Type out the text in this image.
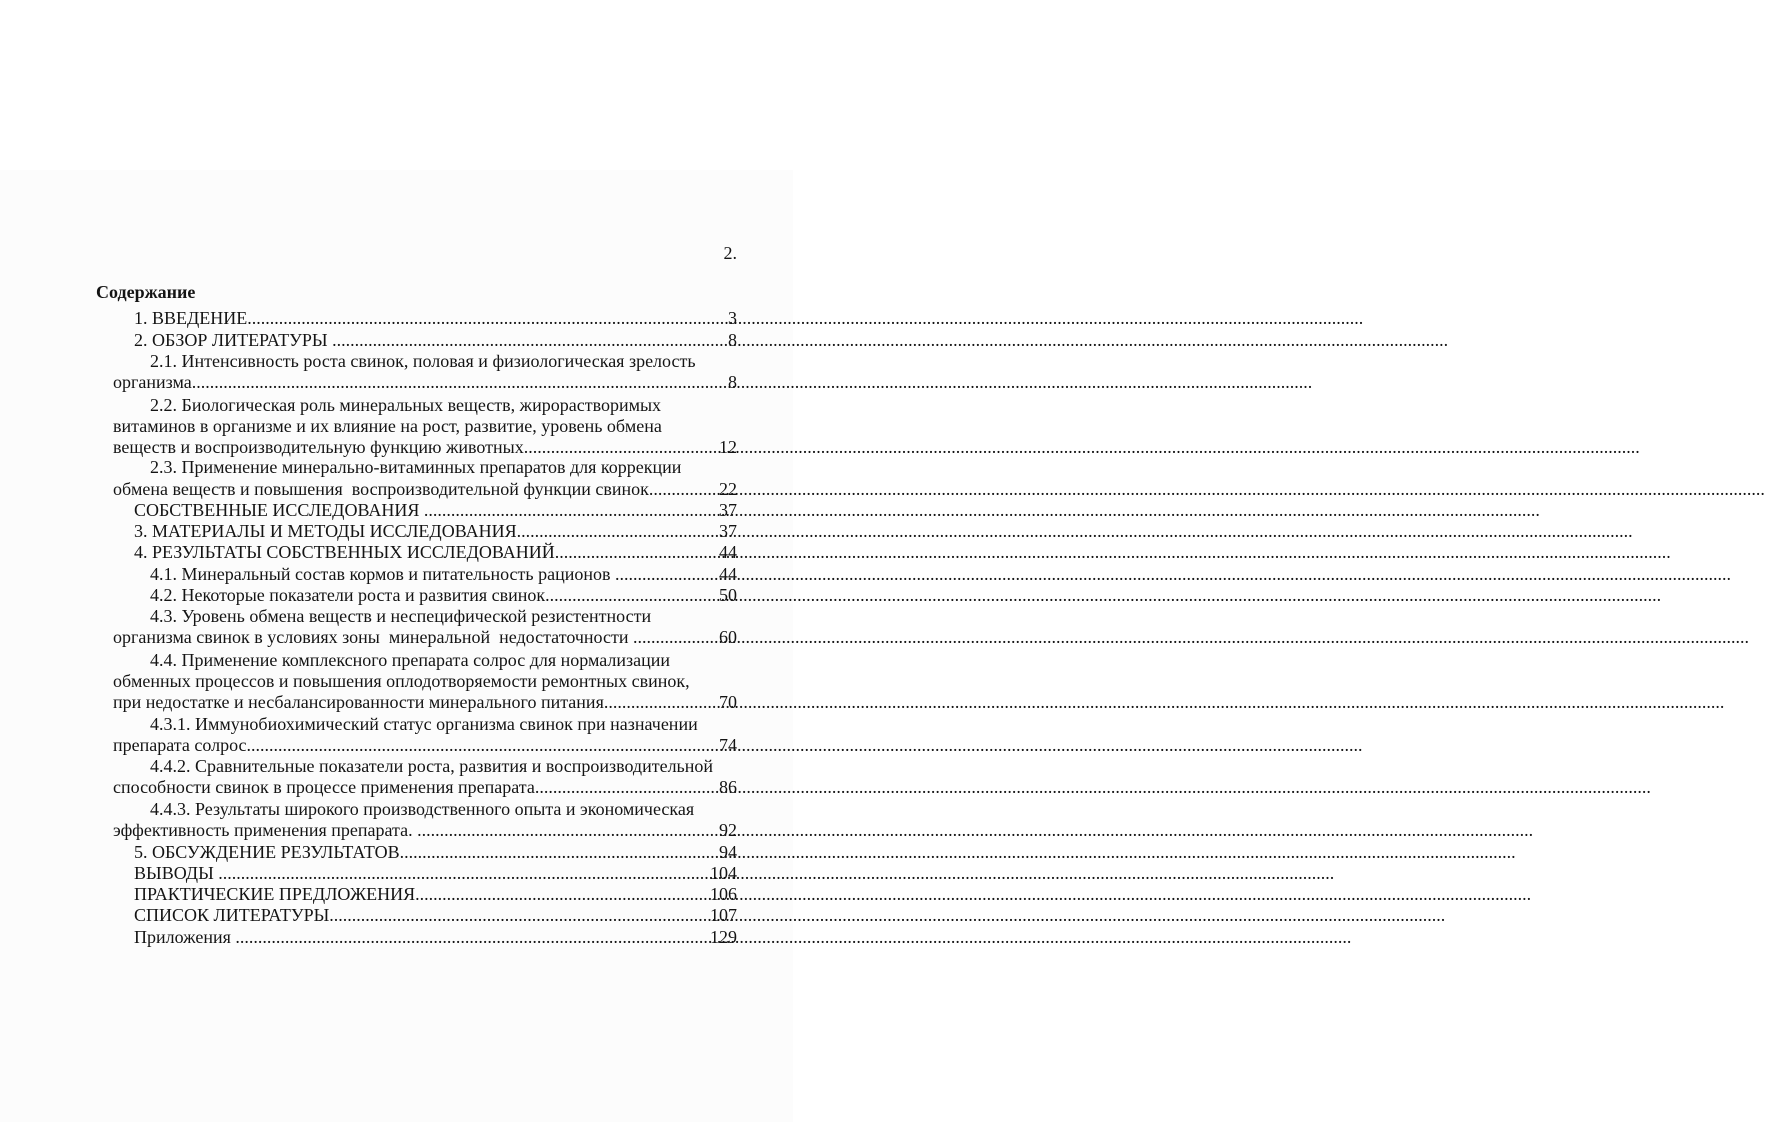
2.
Содержание
1. ВВЕДЕНИЕ .....	3
2. ОБЗОР ЛИТЕРАТУРЫ .....	8
2.1. Интенсивность роста свинок, половая и физиологическая зрелость
организма. .....	8
2.2. Биологическая роль минеральных веществ, жирорастворимых
витаминов в организме и их влияние на рост, развитие, уровень обмена
веществ и воспроизводительную функцию животных .....	12
2.3. Применение минерально-витаминных препаратов для коррекции
обмена веществ и повышения  воспроизводительной функции свинок .....	22
СОБСТВЕННЫЕ ИССЛЕДОВАНИЯ .....	37
3. МАТЕРИАЛЫ И МЕТОДЫ ИССЛЕДОВАНИЯ .....	37
4. РЕЗУЛЬТАТЫ СОБСТВЕННЫХ ИССЛЕДОВАНИЙ .....	44
4.1. Минеральный состав кормов и питательность рационов .....	44
4.2. Некоторые показатели роста и развития свинок .....	50
4.3. Уровень обмена веществ и неспецифической резистентности
организма свинок в условиях зоны  минеральной  недостаточности .....	60
4.4. Применение комплексного препарата солрос для нормализации
обменных процессов и повышения оплодотворяемости ремонтных свинок,
при недостатке и несбалансированности минерального питания. .....	70
4.3.1. Иммунобиохимический статус организма свинок при назначении
препарата солрос .....	74
4.4.2. Сравнительные показатели роста, развития и воспроизводительной
способности свинок в процессе применения препарата .....	86
4.4.3. Результаты широкого производственного опыта и экономическая
эффективность применения препарата. .....	92
5. ОБСУЖДЕНИЕ РЕЗУЛЬТАТОВ .....	94
ВЫВОДЫ .....	104
ПРАКТИЧЕСКИЕ ПРЕДЛОЖЕНИЯ .....	106
СПИСОК ЛИТЕРАТУРЫ .....	107
Приложения .....	129
